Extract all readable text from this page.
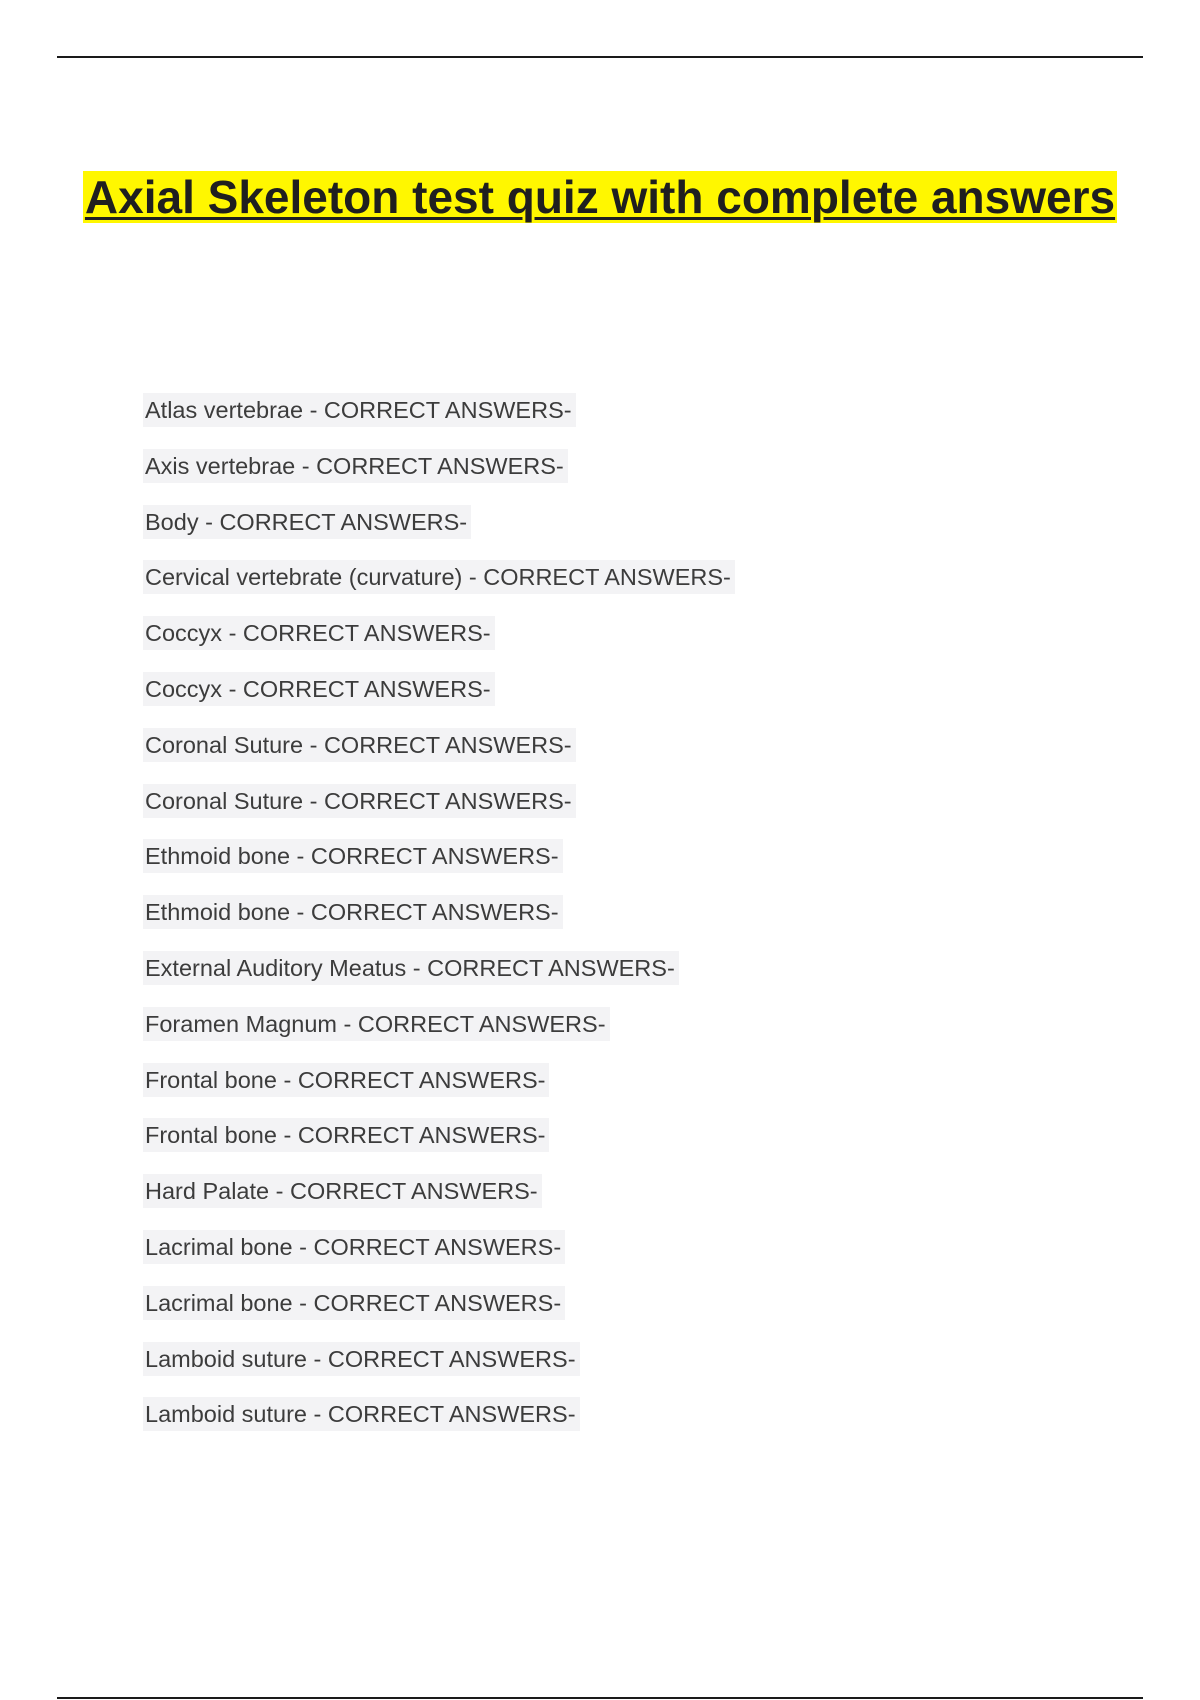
Axial Skeleton test quiz with complete answers
Atlas vertebrae - CORRECT ANSWERS-
Axis vertebrae - CORRECT ANSWERS-
Body - CORRECT ANSWERS-
Cervical vertebrate (curvature) - CORRECT ANSWERS-
Coccyx - CORRECT ANSWERS-
Coccyx - CORRECT ANSWERS-
Coronal Suture - CORRECT ANSWERS-
Coronal Suture - CORRECT ANSWERS-
Ethmoid bone - CORRECT ANSWERS-
Ethmoid bone - CORRECT ANSWERS-
External Auditory Meatus - CORRECT ANSWERS-
Foramen Magnum - CORRECT ANSWERS-
Frontal bone - CORRECT ANSWERS-
Frontal bone - CORRECT ANSWERS-
Hard Palate - CORRECT ANSWERS-
Lacrimal bone - CORRECT ANSWERS-
Lacrimal bone - CORRECT ANSWERS-
Lamboid suture - CORRECT ANSWERS-
Lamboid suture - CORRECT ANSWERS-
